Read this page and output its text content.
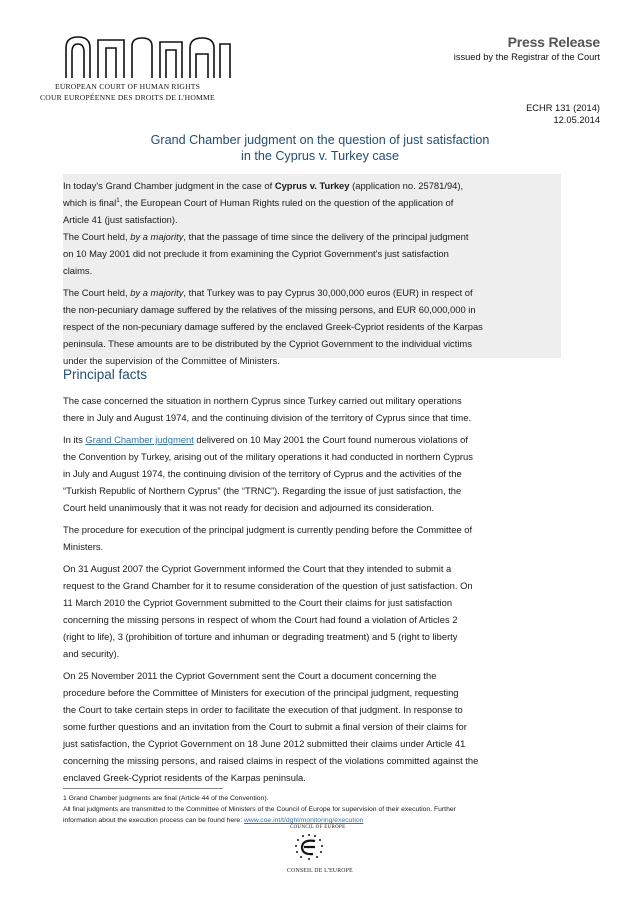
EUROPEAN COURT OF HUMAN RIGHTS
COUR EUROPÉENNE DES DROITS DE L'HOMME
Press Release
issued by the Registrar of the Court
ECHR 131 (2014)
12.05.2014
Grand Chamber judgment on the question of just satisfaction
in the Cyprus v. Turkey case
In today's Grand Chamber judgment in the case of Cyprus v. Turkey (application no. 25781/94),
which is final$^1$, the European Court of Human Rights ruled on the question of the application of
Article 41 (just satisfaction).
The Court held, by a majority, that the passage of time since the delivery of the principal judgment
on 10 May 2001 did not preclude it from examining the Cypriot Government's just satisfaction
claims.
The Court held, by a majority, that Turkey was to pay Cyprus 30,000,000 euros (EUR) in respect of
the non-pecuniary damage suffered by the relatives of the missing persons, and EUR 60,000,000 in
respect of the non-pecuniary damage suffered by the enclaved Greek-Cypriot residents of the Karpas
peninsula. These amounts are to be distributed by the Cypriot Government to the individual victims
under the supervision of the Committee of Ministers.
Principal facts
The case concerned the situation in northern Cyprus since Turkey carried out military operations
there in July and August 1974, and the continuing division of the territory of Cyprus since that time.
In its Grand Chamber judgment delivered on 10 May 2001 the Court found numerous violations of
the Convention by Turkey, arising out of the military operations it had conducted in northern Cyprus
in July and August 1974, the continuing division of the territory of Cyprus and the activities of the
“Turkish Republic of Northern Cyprus” (the “TRNC”). Regarding the issue of just satisfaction, the
Court held unanimously that it was not ready for decision and adjourned its consideration.
The procedure for execution of the principal judgment is currently pending before the Committee of
Ministers.
On 31 August 2007 the Cypriot Government informed the Court that they intended to submit a
request to the Grand Chamber for it to resume consideration of the question of just satisfaction. On
11 March 2010 the Cypriot Government submitted to the Court their claims for just satisfaction
concerning the missing persons in respect of whom the Court had found a violation of Articles 2
(right to life), 3 (prohibition of torture and inhuman or degrading treatment) and 5 (right to liberty
and security).
On 25 November 2011 the Cypriot Government sent the Court a document concerning the
procedure before the Committee of Ministers for execution of the principal judgment, requesting
the Court to take certain steps in order to facilitate the execution of that judgment. In response to
some further questions and an invitation from the Court to submit a final version of their claims for
just satisfaction, the Cypriot Government on 18 June 2012 submitted their claims under Article 41
concerning the missing persons, and raised claims in respect of the violations committed against the
enclaved Greek-Cypriot residents of the Karpas peninsula.
1 Grand Chamber judgments are final (Article 44 of the Convention).
All final judgments are transmitted to the Committee of Ministers of the Council of Europe for supervision of their execution. Further
information about the execution process can be found here: www.coe.int/t/dghl/monitoring/execution
COUNCIL OF EUROPE
CONSEIL DE L'EUROPE
